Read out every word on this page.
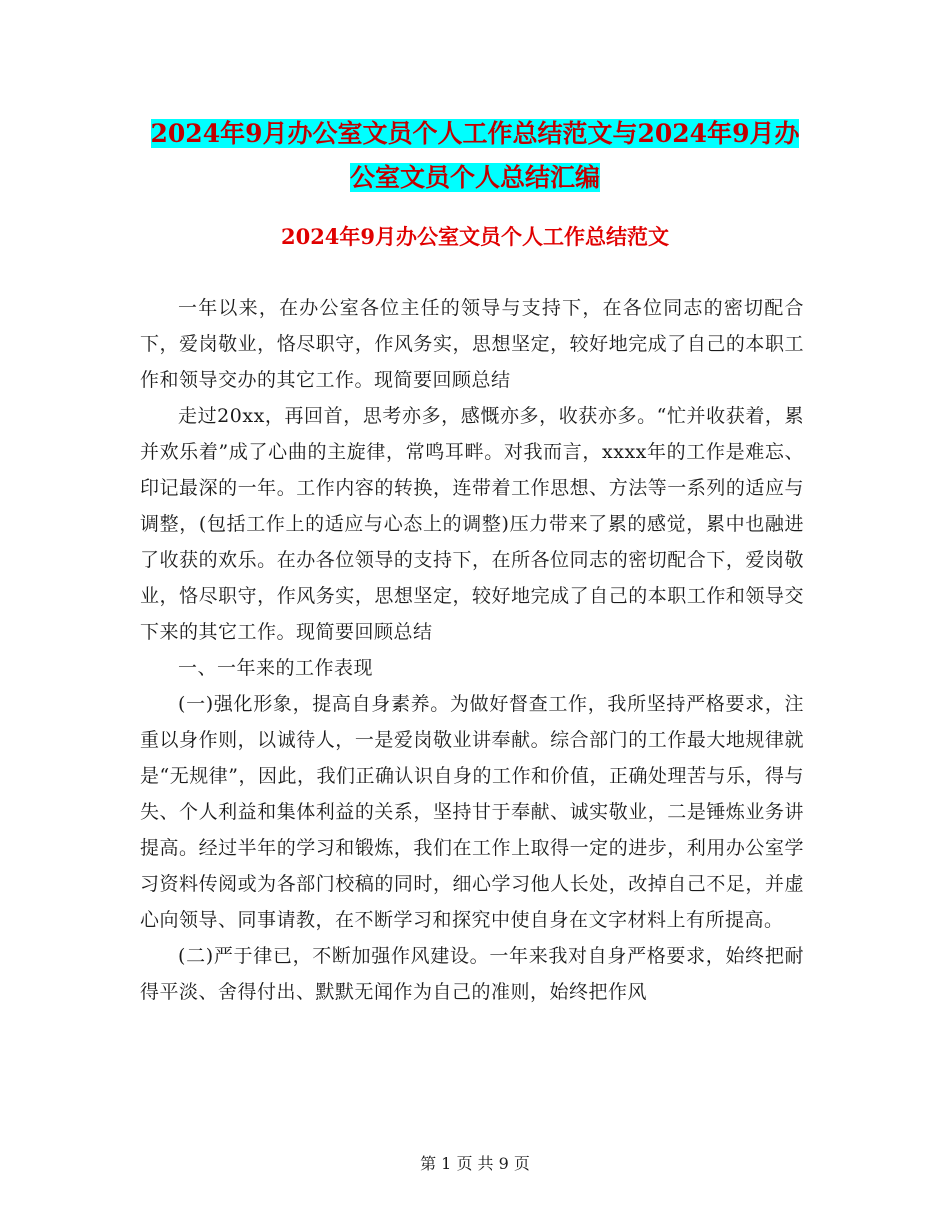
2024年9月办公室文员个人工作总结范文与2024年9月办公室文员个人总结汇编
2024年9月办公室文员个人工作总结范文

一年以来，在办公室各位主任的领导与支持下，在各位同志的密切配合下，爱岗敬业，恪尽职守，作风务实，思想坚定，较好地完成了自己的本职工作和领导交办的其它工作。现简要回顾总结

走过20xx，再回首，思考亦多，感慨亦多，收获亦多。“忙并收获着，累并欢乐着”成了心曲的主旋律，常鸣耳畔。对我而言，xxxx年的工作是难忘、印记最深的一年。工作内容的转换，连带着工作思想、方法等一系列的适应与调整，(包括工作上的适应与心态上的调整)压力带来了累的感觉，累中也融进了收获的欢乐。在办各位领导的支持下，在所各位同志的密切配合下，爱岗敬业，恪尽职守，作风务实，思想坚定，较好地完成了自己的本职工作和领导交下来的其它工作。现简要回顾总结

一、一年来的工作表现

(一)强化形象，提高自身素养。为做好督查工作，我所坚持严格要求，注重以身作则，以诚待人，一是爱岗敬业讲奉献。综合部门的工作最大地规律就是“无规律”，因此，我们正确认识自身的工作和价值，正确处理苦与乐，得与失、个人利益和集体利益的关系，坚持甘于奉献、诚实敬业，二是锤炼业务讲提高。经过半年的学习和锻炼，我们在工作上取得一定的进步，利用办公室学习资料传阅或为各部门校稿的同时，细心学习他人长处，改掉自己不足，并虚心向领导、同事请教，在不断学习和探究中使自身在文字材料上有所提高。

(二)严于律已，不断加强作风建设。一年来我对自身严格要求，始终把耐得平淡、舍得付出、默默无闻作为自己的准则，始终把作风

第 1 页 共 9 页
